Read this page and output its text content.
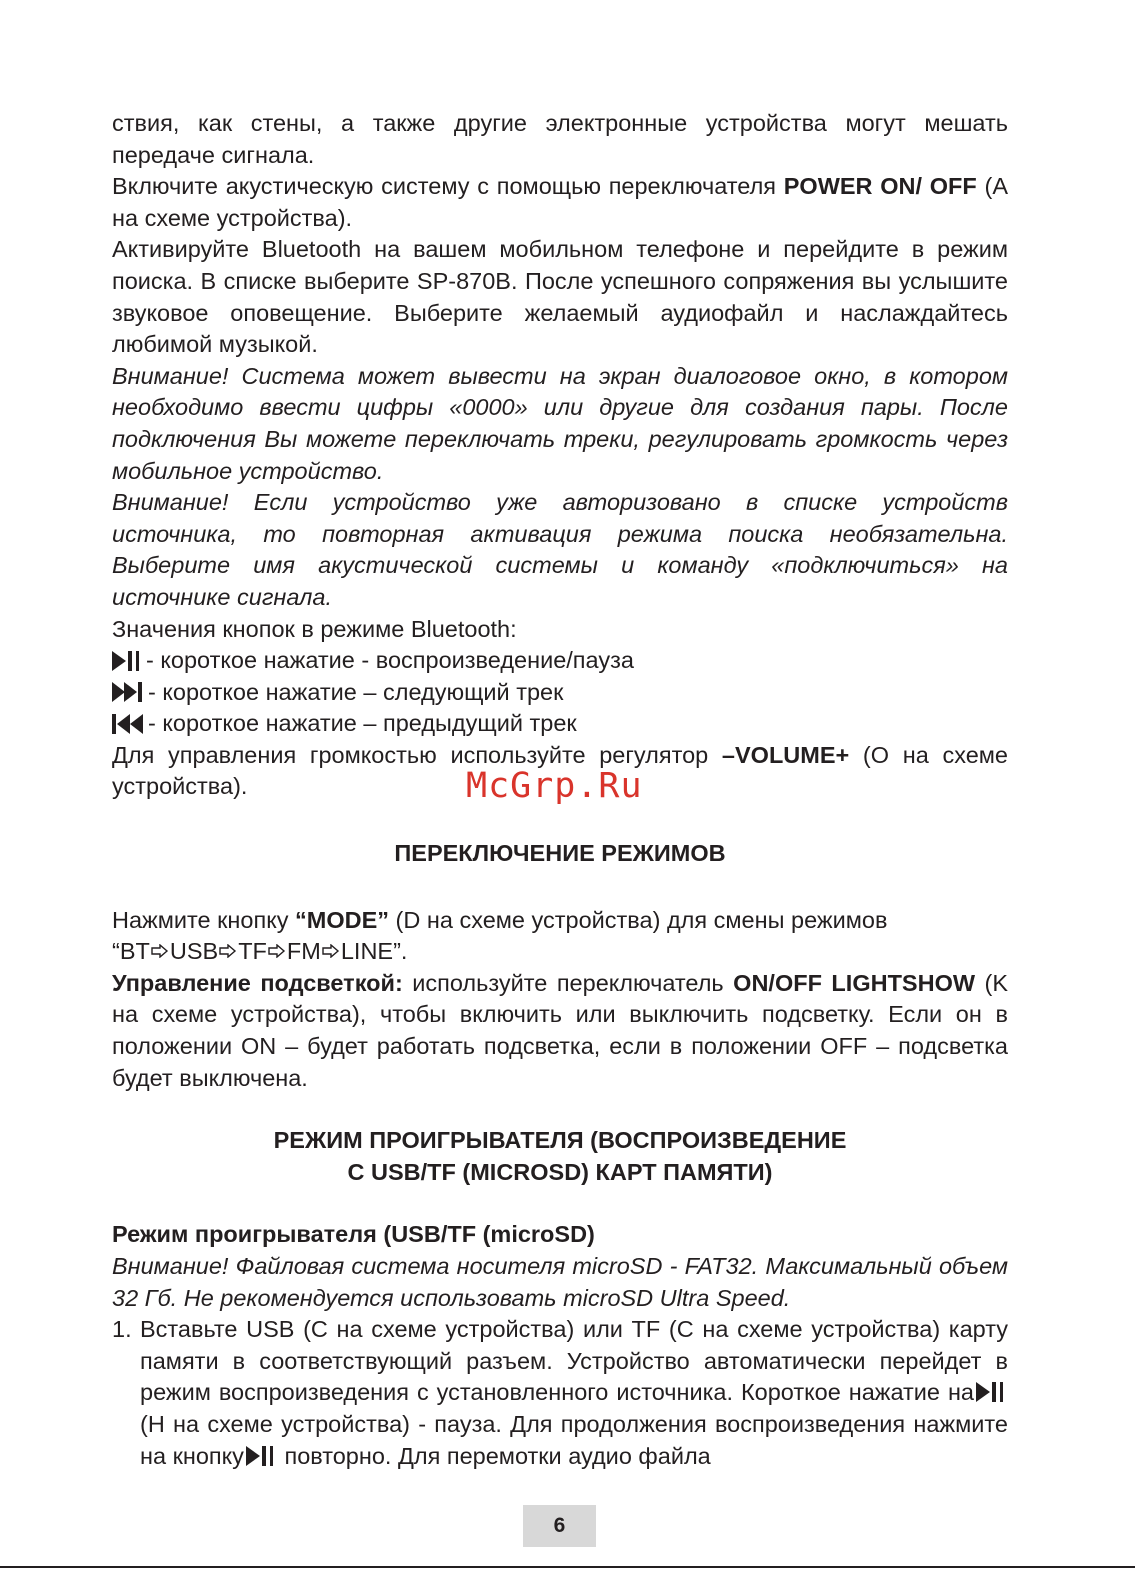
ствия, как стены, а также другие электронные устройства могут мешать передаче сигнала.

Включите акустическую систему с помощью переключателя POWER ON/ OFF (A на схеме устройства).

Активируйте Bluetooth на вашем мобильном телефоне и перейдите в режим поиска. В списке выберите SP-870B. После успешного сопряжения вы услышите звуковое оповещение. Выберите желаемый аудиофайл и наслаждайтесь любимой музыкой.

Внимание! Система может вывести на экран диалоговое окно, в котором необходимо ввести цифры «0000» или другие для создания пары. После подключения Вы можете переключать треки, регулировать громкость через мобильное устройство.

Внимание! Если устройство уже авторизовано в списке устройств источника, то повторная активация режима поиска необязательна. Выберите имя акустической системы и команду «подключиться» на источнике сигнала.

Значения кнопок в режиме Bluetooth:

- короткое нажатие - воспроизведение/пауза
- короткое нажатие – следующий трек
- короткое нажатие – предыдущий трек

Для управления громкостью используйте регулятор –VOLUME+ (О на схеме устройства).

ПЕРЕКЛЮЧЕНИЕ РЕЖИМОВ

Нажмите кнопку “MODE” (D на схеме устройства) для смены режимов
“BT USB TF FM LINE”.

Управление подсветкой: используйте переключатель ON/OFF LIGHTSHOW (K на схеме устройства), чтобы включить или выключить подсветку. Если он в положении ON – будет работать подсветка, если в положении OFF – подсветка будет выключена.

РЕЖИМ ПРОИГРЫВАТЕЛЯ (ВОСПРОИЗВЕДЕНИЕ

С USB/TF (MICROSD) КАРТ ПАМЯТИ)

Режим проигрывателя (USB/TF (microSD)

Внимание! Файловая система носителя microSD - FAT32. Максимальный объем 32 Гб. Не рекомендуется использовать microSD Ultra Speed.

1. Вставьте USB (C на схеме устройства) или TF (C на схеме устройства) карту памяти в соответствующий разъем. Устройство автоматически перейдет в режим воспроизведения с установленного источника. Короткое нажатие на(H на схеме устройства) - пауза. Для продолжения воспроизведения нажмите на кнопку повторно. Для перемотки аудио файла

McGrp.Ru
6
